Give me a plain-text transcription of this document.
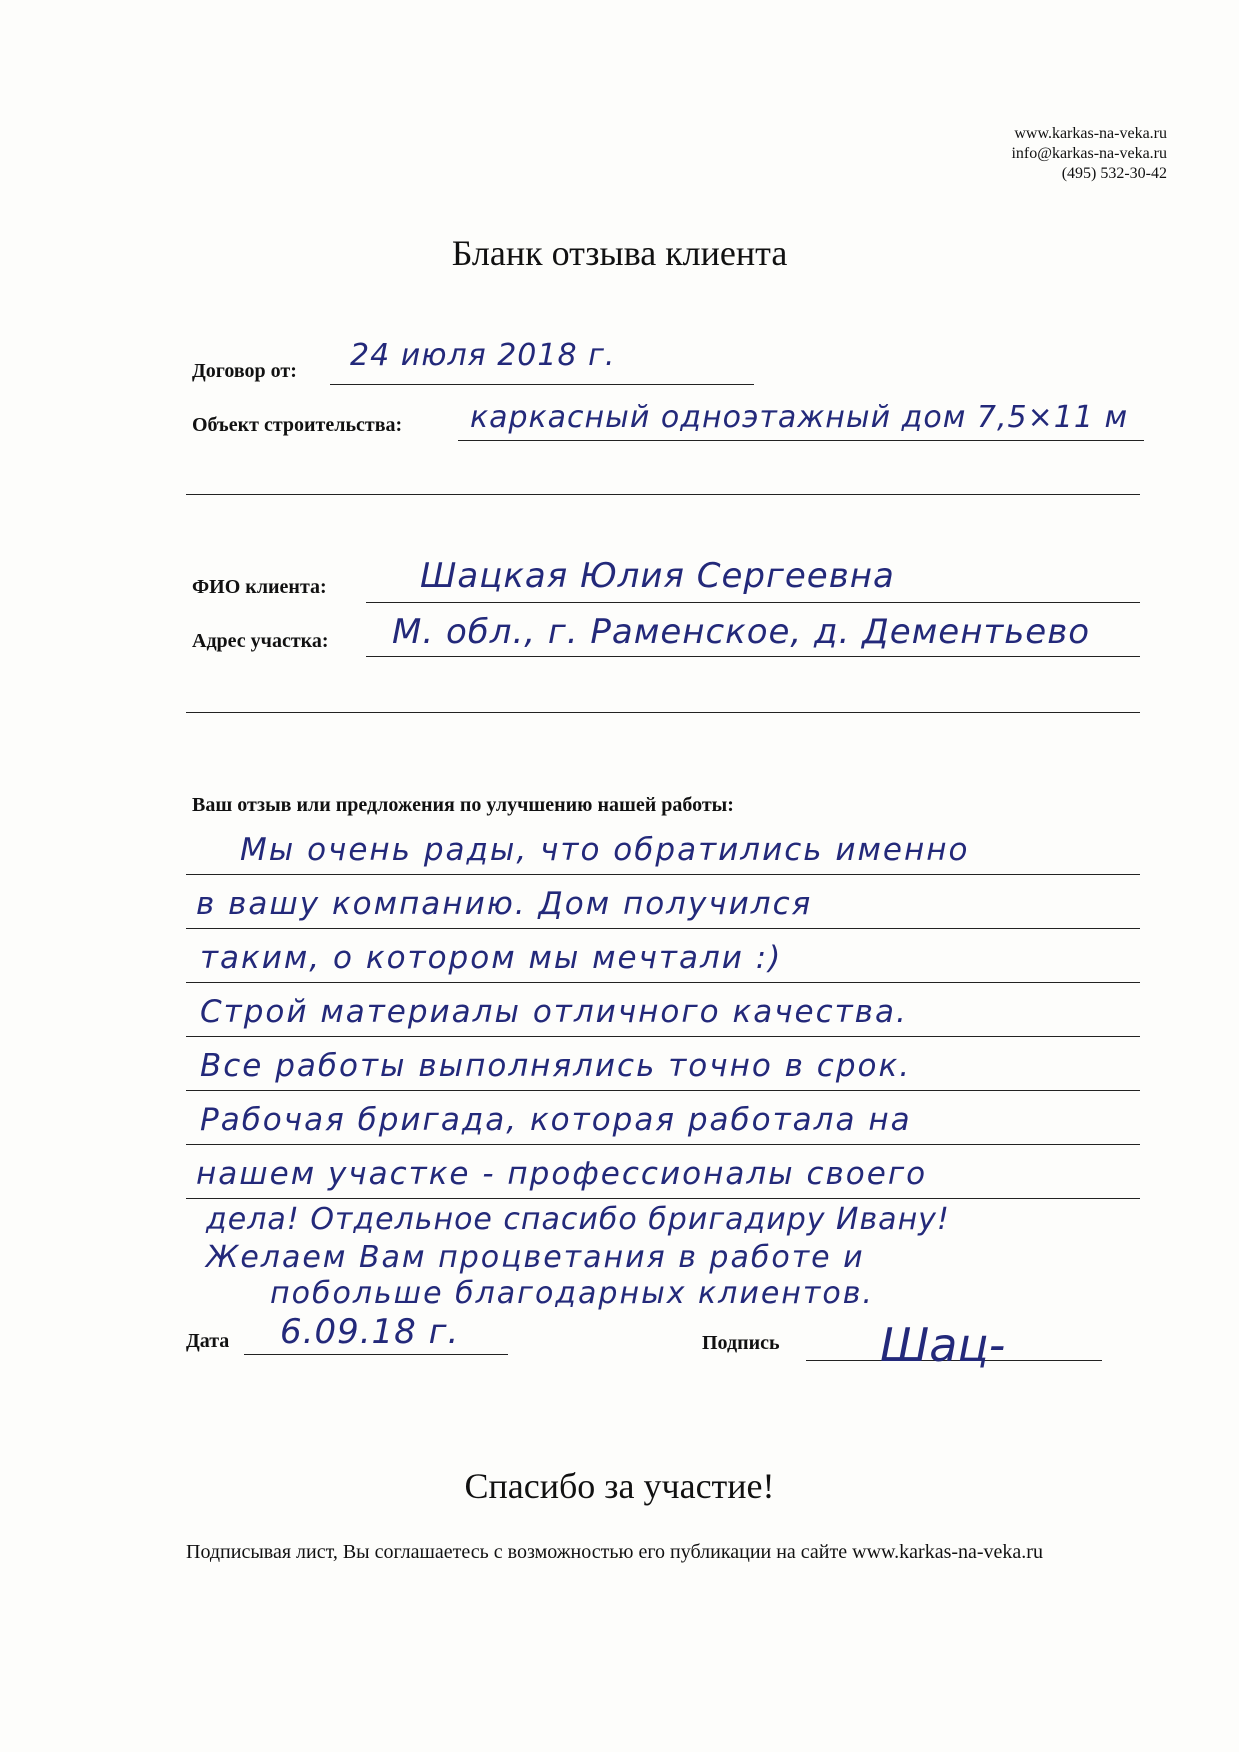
www.karkas-na-veka.ru
info@karkas-na-veka.ru
(495) 532-30-42
Бланк отзыва клиента
Договор от: 24 июля 2018 г.
Объект строительства: каркасный одноэтажный дом 7,5×11 м
ФИО клиента:	Шацкая Юлия Сергеевна
Адрес участка: М. обл., г. Раменское, д. Дементьево
Ваш отзыв или предложения по улучшению нашей работы:
Мы очень рады, что обратились именно
в вашу компанию. Дом получился
таким, о котором мы мечтали :)
Строй материалы отличного качества.
Все работы выполнялись точно в срок.
Рабочая бригада, которая работала на
нашем участке - профессионалы своего
дела! Отдельное спасибо бригадиру Ивану!
Желаем Вам процветания в работе и
побольше благодарных клиентов.
Дата 6.09.18 г.	Подпись Шац-
Спасибо за участие!
Подписывая лист, Вы соглашаетесь с возможностью его публикации на сайте www.karkas-na-veka.ru
